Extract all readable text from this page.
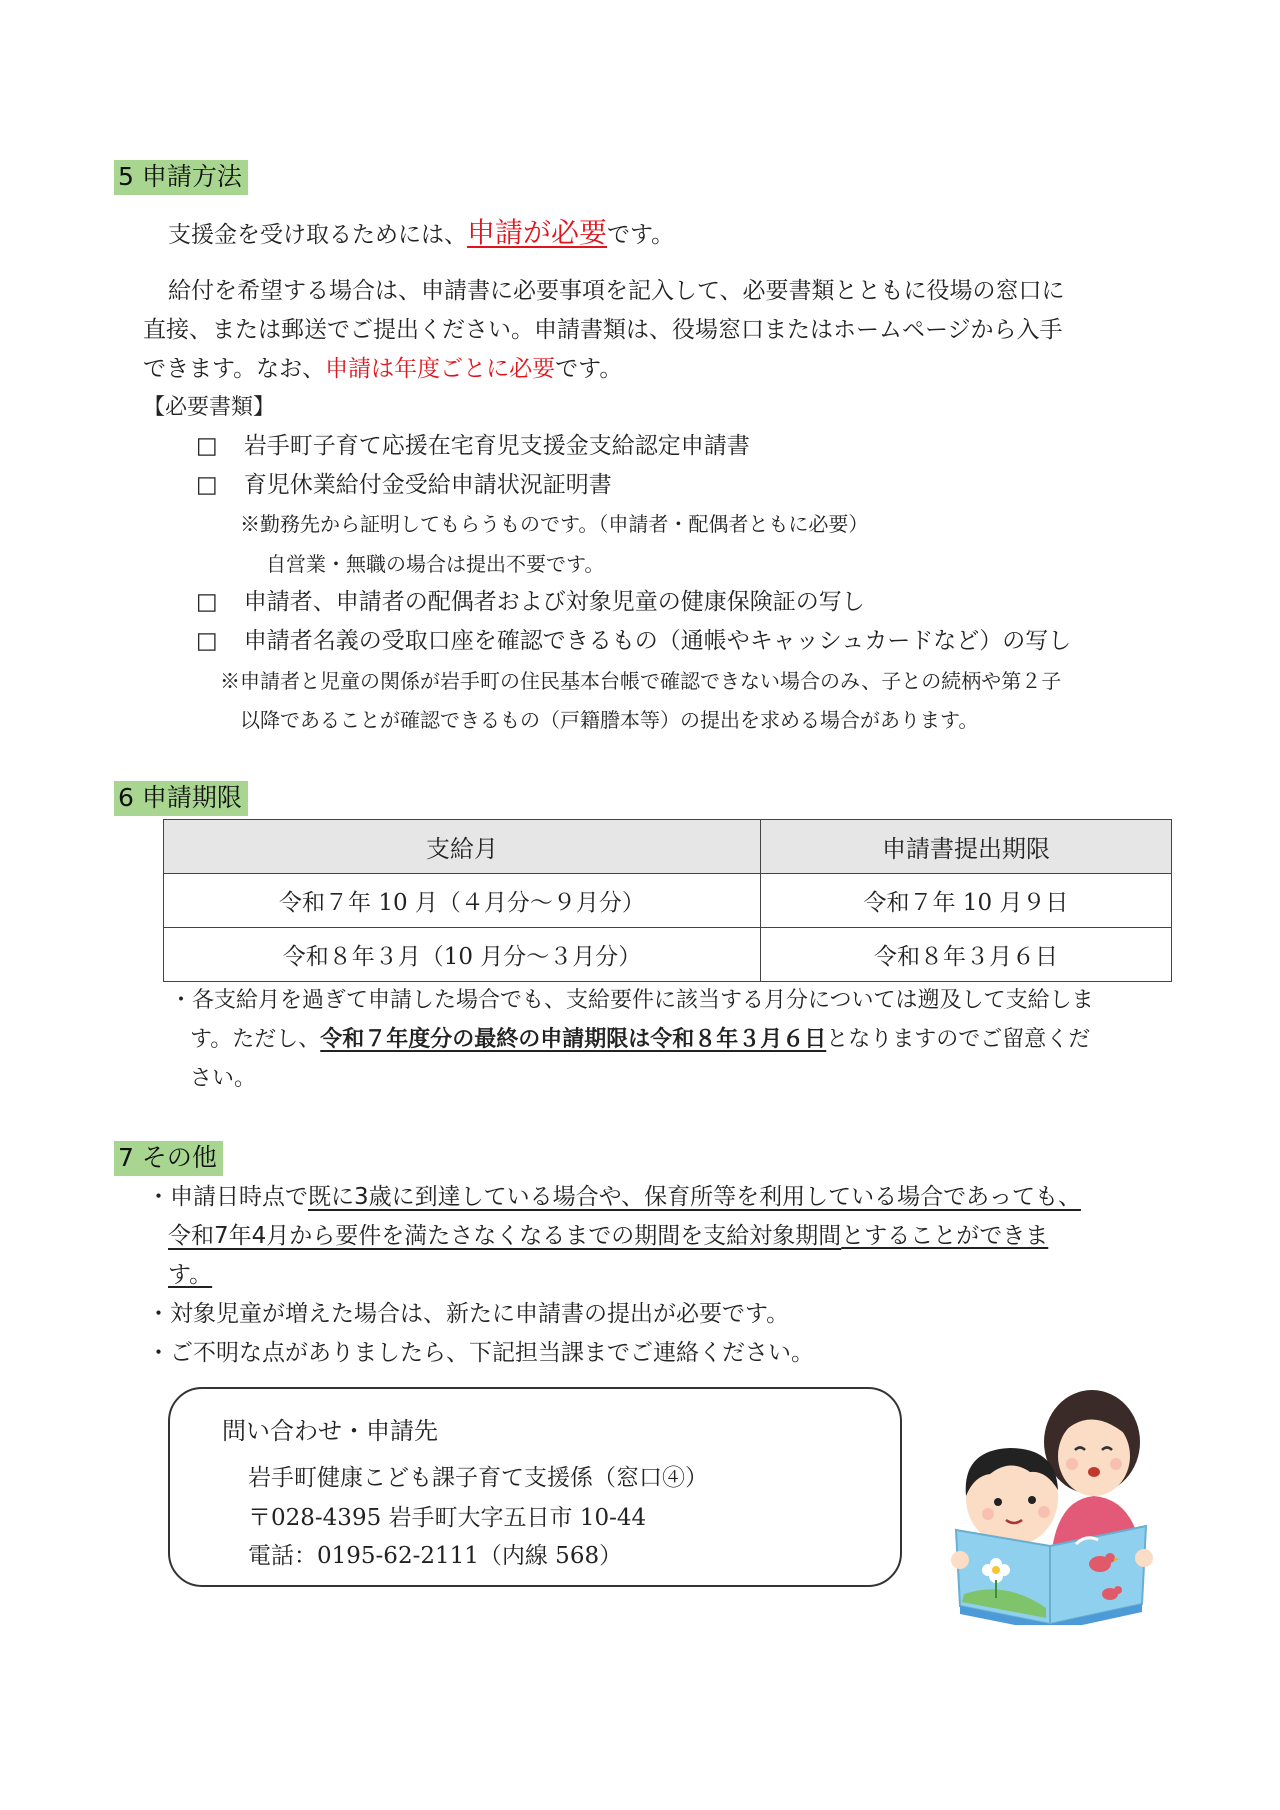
5 申請方法
支援金を受け取るためには、申請が必要です。
給付を希望する場合は、申請書に必要事項を記入して、必要書類とともに役場の窓口に
直接、または郵送でご提出ください。申請書類は、役場窓口またはホームページから入手
できます。なお、申請は年度ごとに必要です。
【必要書類】
□ 岩手町子育て応援在宅育児支援金支給認定申請書
□ 育児休業給付金受給申請状況証明書
※勤務先から証明してもらうものです。（申請者・配偶者ともに必要）
自営業・無職の場合は提出不要です。
□ 申請者、申請者の配偶者および対象児童の健康保険証の写し
□ 申請者名義の受取口座を確認できるもの（通帳やキャッシュカードなど）の写し
※申請者と児童の関係が岩手町の住民基本台帳で確認できない場合のみ、子との続柄や第２子
以降であることが確認できるもの（戸籍謄本等）の提出を求める場合があります。
6 申請期限
支給月	申請書提出期限
令和７年 10 月（４月分～９月分）	令和７年 10 月９日
令和８年３月（10 月分～３月分）	令和８年３月６日
・各支給月を過ぎて申請した場合でも、支給要件に該当する月分については遡及して支給しま
す。ただし、令和７年度分の最終の申請期限は令和８年３月６日となりますのでご留意くだ
さい。
7 その他
・申請日時点で既に3歳に到達している場合や、保育所等を利用している場合であっても、
令和7年4月から要件を満たさなくなるまでの期間を支給対象期間とすることができま
す。
・対象児童が増えた場合は、新たに申請書の提出が必要です。
・ご不明な点がありましたら、下記担当課までご連絡ください。
問い合わせ・申請先
岩手町健康こども課子育て支援係（窓口④）
〒028-4395 岩手町大字五日市 10-44
電話：0195-62-2111（内線 568）
